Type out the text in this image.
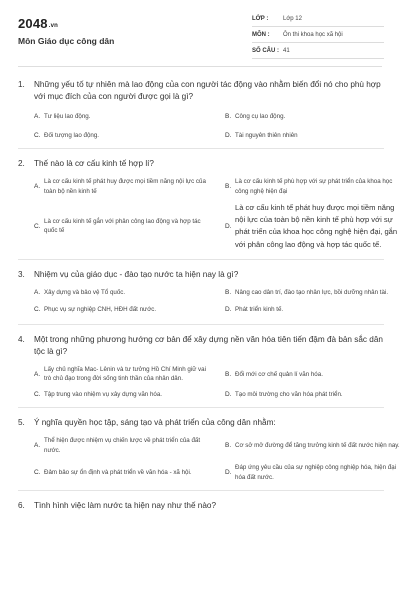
2048.vn
Môn Giáo dục công dân
LỚP :	Lớp 12
MÔN :	Ôn thi khoa học xã hội
SỐ CÂU : 41
1.	Những yếu tố tự nhiên mà lao động của con người tác động vào nhằm biến đổi nó cho phù hợp với mục đích của con người được gọi là gì?
A. Tư liệu lao động.	B. Công cụ lao động.
C. Đối tượng lao động.	D. Tài nguyên thiên nhiên
2.	Thế nào là cơ cấu kinh tế hợp lí?
A.
Là cơ cấu kinh tế phát huy được mọi tiềm năng nội lực của toàn bộ nền kinh tế
B.
Là cơ cấu kinh tế phù hợp với sự phát triển của khoa học công nghệ hiện đại
C.
Là cơ cấu kinh tế gắn với phân công lao động và hợp tác quốc tế
D.
Là cơ cấu kinh tế phát huy được mọi tiềm năng nội lực của toàn bộ nền kinh tế phù hợp với sự phát triển của khoa học công nghệ hiện đại, gắn với phân công lao động và hợp tác quốc tế.
3.	Nhiệm vụ của giáo dục - đào tạo nước ta hiện nay là gì?
A. Xây dựng và bảo vệ Tổ quốc.	B. Nâng cao dân trí, đào tạo nhân lực, bồi dưỡng nhân tài.
C. Phục vụ sự nghiệp CNH, HĐH đất nước.	D. Phát triển kinh tế.
4.	Một trong những phương hướng cơ bản để xây dựng nền văn hóa tiên tiến đậm đà bản sắc dân tộc là gì?
A.
Lấy chủ nghĩa Mac- Lênin và tư tưởng Hồ Chí Minh giữ vai trò chủ đạo trong đời sống tinh thần của nhân dân.
B. Đổi mới cơ chế quản lí văn hóa.
C. Tập trung vào nhiệm vụ xây dựng văn hóa.	D. Tạo môi trường cho văn hóa phát triển.
5.	Ý nghĩa quyền học tập, sáng tạo và phát triển của công dân nhằm:
A.
Thể hiện được nhiệm vụ chiến lược về phát triển của đất nước.
B. Cơ sở mở đường để tăng trưởng kinh tế đất nước hiện nay.
C. Đảm bảo sự ổn định và phát triển về văn hóa - xã hội.	D.
Đáp ứng yêu cầu của sự nghiệp công nghiệp hóa, hiện đại hóa đất nước.
6.	Tình hình việc làm nước ta hiện nay như thế nào?
